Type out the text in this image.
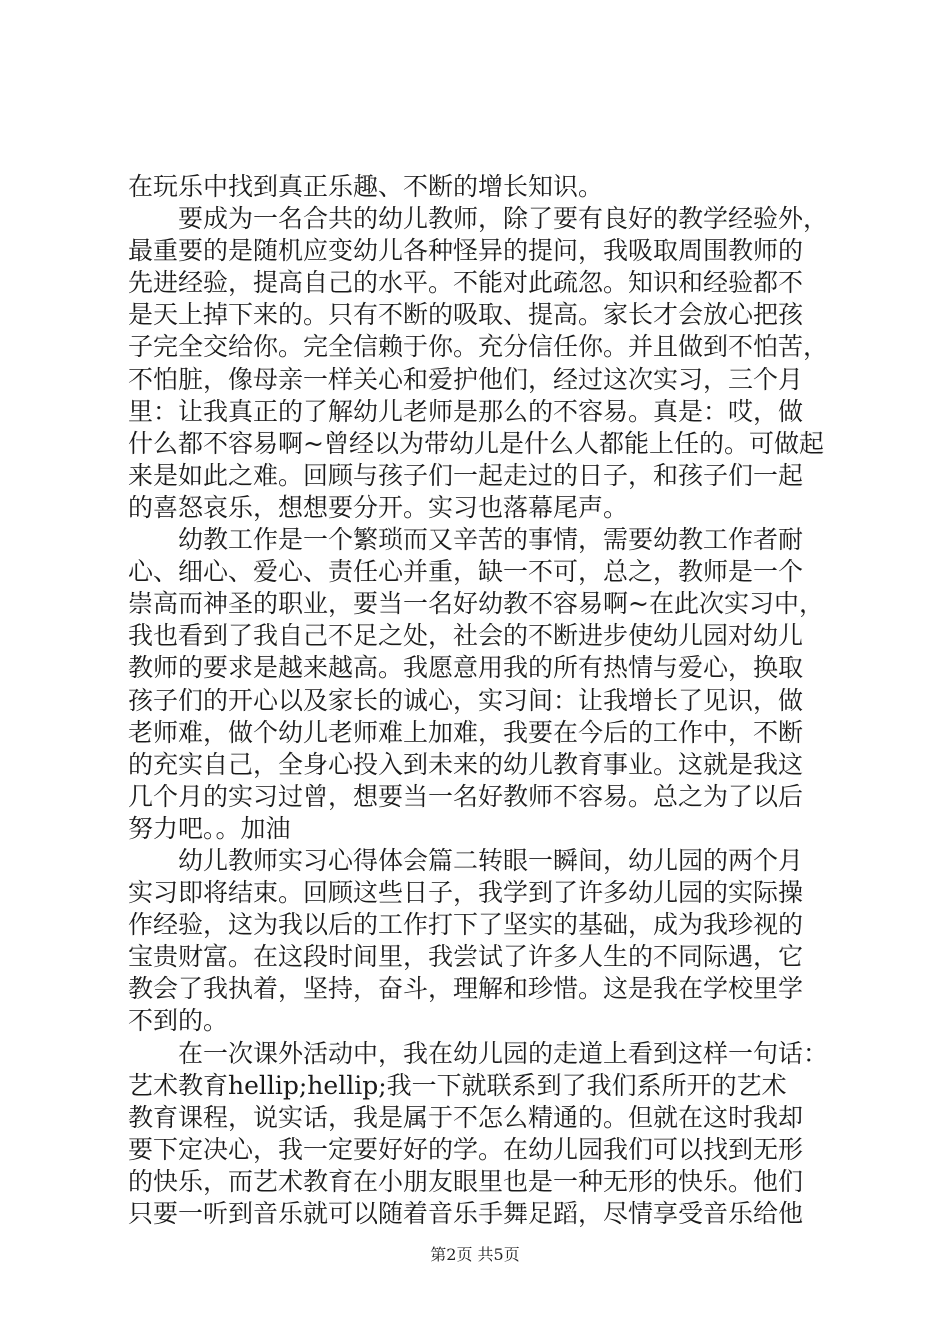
在玩乐中找到真正乐趣、不断的增长知识。
要成为一名合共的幼儿教师，除了要有良好的教学经验外，
最重要的是随机应变幼儿各种怪异的提问，我吸取周围教师的
先进经验，提高自己的水平。不能对此疏忽。知识和经验都不
是天上掉下来的。只有不断的吸取、提高。家长才会放心把孩
子完全交给你。完全信赖于你。充分信任你。并且做到不怕苦，
不怕脏，像母亲一样关心和爱护他们，经过这次实习，三个月
里：让我真正的了解幼儿老师是那么的不容易。真是：哎，做
什么都不容易啊~曾经以为带幼儿是什么人都能上任的。可做起
来是如此之难。回顾与孩子们一起走过的日子，和孩子们一起
的喜怒哀乐，想想要分开。实习也落幕尾声。
幼教工作是一个繁琐而又辛苦的事情，需要幼教工作者耐
心、细心、爱心、责任心并重，缺一不可，总之，教师是一个
崇高而神圣的职业，要当一名好幼教不容易啊~在此次实习中，
我也看到了我自己不足之处，社会的不断进步使幼儿园对幼儿
教师的要求是越来越高。我愿意用我的所有热情与爱心，换取
孩子们的开心以及家长的诚心，实习间：让我增长了见识，做
老师难，做个幼儿老师难上加难，我要在今后的工作中，不断
的充实自己，全身心投入到未来的幼儿教育事业。这就是我这
几个月的实习过曾，想要当一名好教师不容易。总之为了以后
努力吧。。加油
幼儿教师实习心得体会篇二转眼一瞬间，幼儿园的两个月
实习即将结束。回顾这些日子，我学到了许多幼儿园的实际操
作经验，这为我以后的工作打下了坚实的基础，成为我珍视的
宝贵财富。在这段时间里，我尝试了许多人生的不同际遇，它
教会了我执着，坚持，奋斗，理解和珍惜。这是我在学校里学
不到的。
在一次课外活动中，我在幼儿园的走道上看到这样一句话：
艺术教育hellip;hellip;我一下就联系到了我们系所开的艺术
教育课程，说实话，我是属于不怎么精通的。但就在这时我却
要下定决心，我一定要好好的学。在幼儿园我们可以找到无形
的快乐，而艺术教育在小朋友眼里也是一种无形的快乐。他们
只要一听到音乐就可以随着音乐手舞足蹈，尽情享受音乐给他
第2页 共5页
